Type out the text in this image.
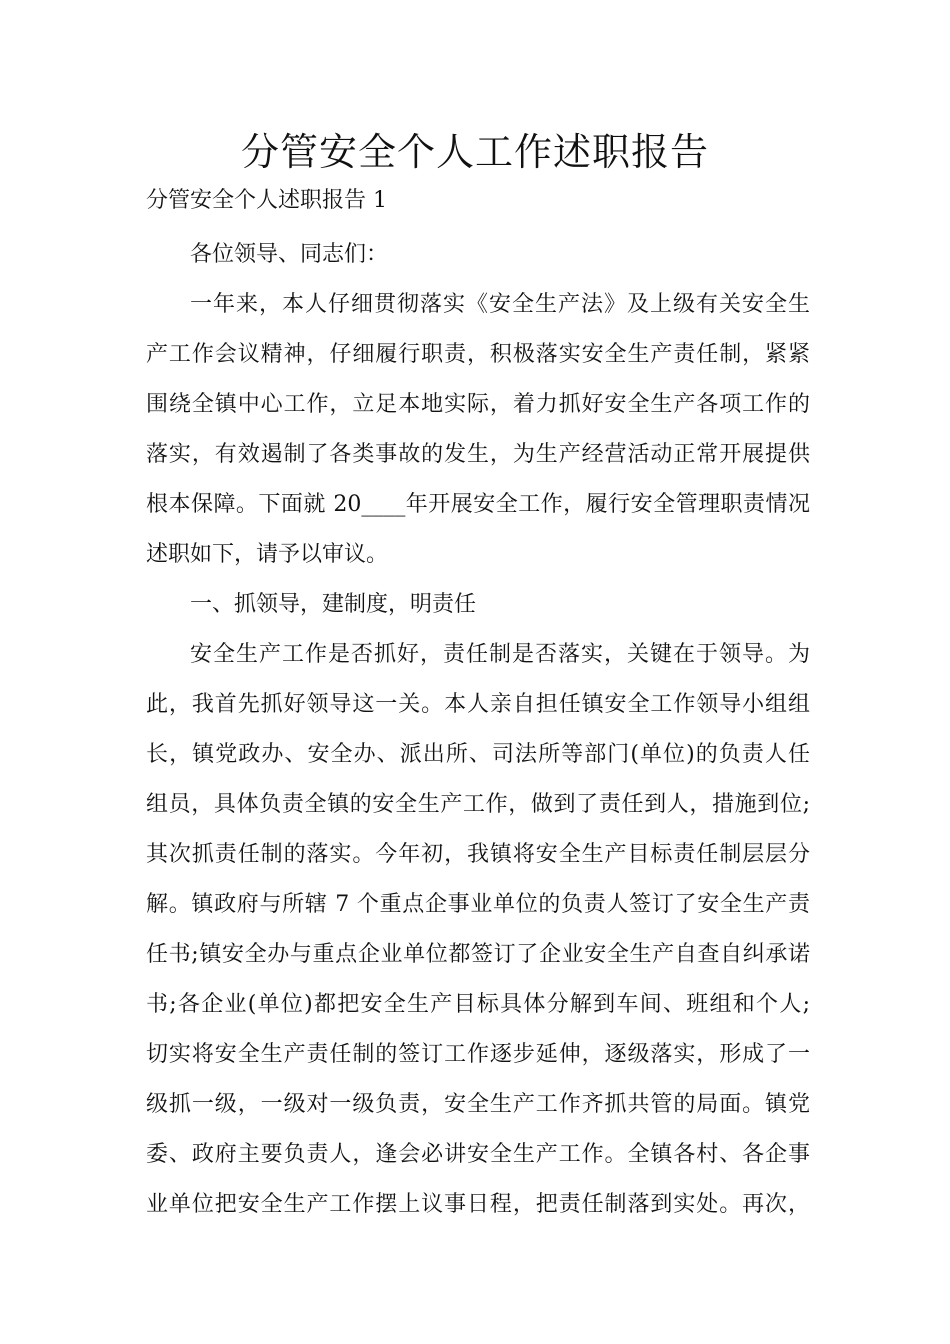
分管安全个人工作述职报告

分管安全个人述职报告 1

各位领导、同志们：
一年来，本人仔细贯彻落实《安全生产法》及上级有关安全生
产工作会议精神，仔细履行职责，积极落实安全生产责任制，紧紧
围绕全镇中心工作，立足本地实际，着力抓好安全生产各项工作的
落实，有效遏制了各类事故的发生，为生产经营活动正常开展提供
根本保障。下面就 20____年开展安全工作，履行安全管理职责情况
述职如下，请予以审议。
一、抓领导，建制度，明责任
安全生产工作是否抓好，责任制是否落实，关键在于领导。为
此，我首先抓好领导这一关。本人亲自担任镇安全工作领导小组组
长，镇党政办、安全办、派出所、司法所等部门(单位)的负责人任
组员，具体负责全镇的安全生产工作，做到了责任到人，措施到位;
其次抓责任制的落实。今年初，我镇将安全生产目标责任制层层分
解。镇政府与所辖 7 个重点企事业单位的负责人签订了安全生产责
任书;镇安全办与重点企业单位都签订了企业安全生产自查自纠承诺
书;各企业(单位)都把安全生产目标具体分解到车间、班组和个人;
切实将安全生产责任制的签订工作逐步延伸，逐级落实，形成了一
级抓一级，一级对一级负责，安全生产工作齐抓共管的局面。镇党
委、政府主要负责人，逢会必讲安全生产工作。全镇各村、各企事
业单位把安全生产工作摆上议事日程，把责任制落到实处。再次，
